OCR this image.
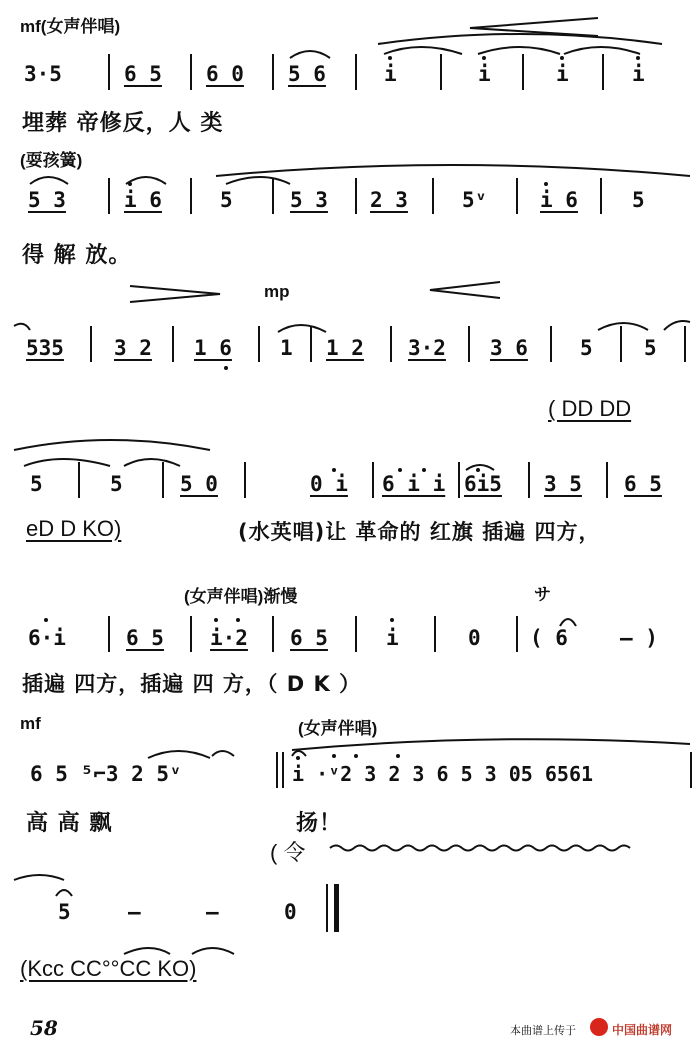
mf(女声伴唱)
3·5	6 5 6 0 5 6	i	i	i	i
埋葬 帝修反，人 类
(耍孩簧)
5 3	i 6	5	5 3 2 3	5ᵛ	i 6	5
得 解 放。
mp
535 3 2 1 6 1 1 2 3·2 3 6 5 5
( DD DD
5	5	5 0	0 i 6 i i 6i5 3 5 6 5
eD D KO)	(水英唱)让 革命的 红旗 插遍 四方，
(女声伴唱)渐慢	サ
6·i	6 5 i·2 6 5	i	0 ( 6 — )
插遍 四方，插遍 四 方，（ D K ）
mf	(女声伴唱)
6 5 ⁵⌐3 2 5ᵛ	i ·ᵛ2 3 2 3 6 5 3 05 6561
高 高 飘	扬！
( 令
5	—	—	0
(Kcc CC°°CC KO)
58	本曲谱上传于	中国曲谱网
